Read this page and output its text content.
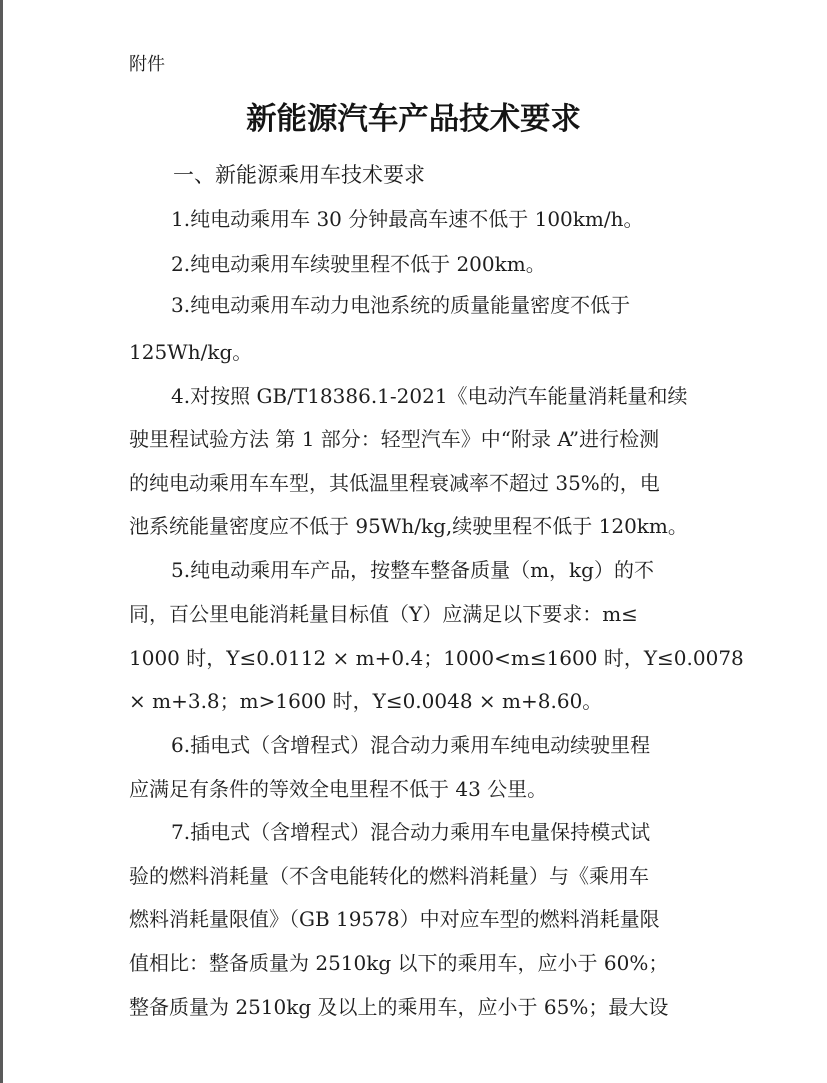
附件
新能源汽车产品技术要求
一、新能源乘用车技术要求
1.纯电动乘用车 30 分钟最高车速不低于 100km/h。
2.纯电动乘用车续驶里程不低于 200km。
3.纯电动乘用车动力电池系统的质量能量密度不低于
125Wh/kg。
4.对按照 GB/T18386.1-2021《电动汽车能量消耗量和续
驶里程试验方法 第 1 部分：轻型汽车》中“附录 A”进行检测
的纯电动乘用车车型，其低温里程衰减率不超过 35%的，电
池系统能量密度应不低于 95Wh/kg,续驶里程不低于 120km。
5.纯电动乘用车产品，按整车整备质量（m，kg）的不
同，百公里电能消耗量目标值（Y）应满足以下要求：m≤
1000 时，Y≤0.0112 × m+0.4；1000<m≤1600 时，Y≤0.0078
× m+3.8；m>1600 时，Y≤0.0048 × m+8.60。
6.插电式（含增程式）混合动力乘用车纯电动续驶里程
应满足有条件的等效全电里程不低于 43 公里。
7.插电式（含增程式）混合动力乘用车电量保持模式试
验的燃料消耗量（不含电能转化的燃料消耗量）与《乘用车
燃料消耗量限值》（GB 19578）中对应车型的燃料消耗量限
值相比：整备质量为 2510kg 以下的乘用车，应小于 60%；
整备质量为 2510kg 及以上的乘用车，应小于 65%；最大设
